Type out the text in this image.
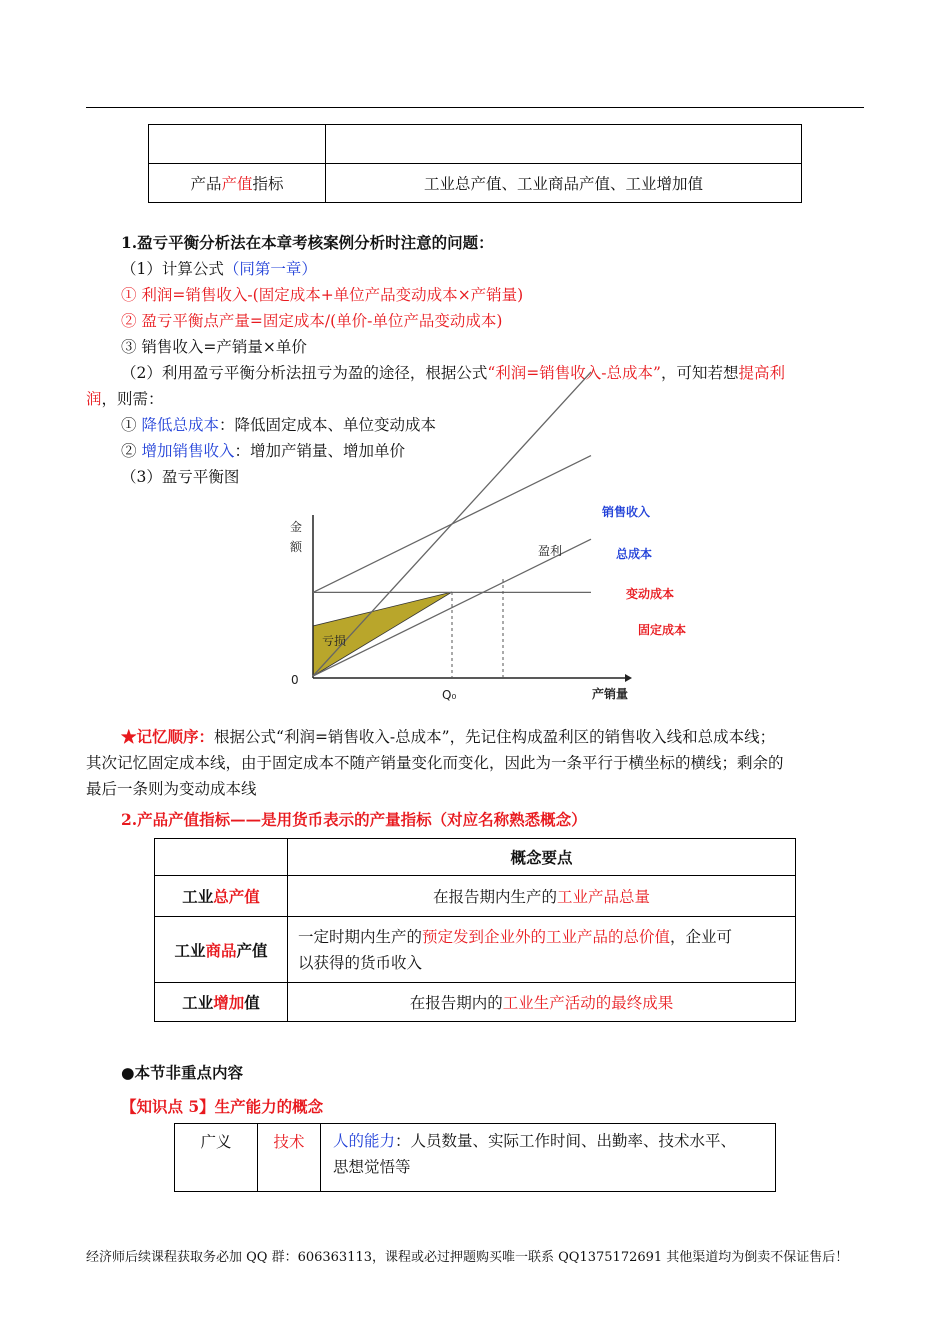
产品产值指标	工业总产值、工业商品产值、工业增加值
1.盈亏平衡分析法在本章考核案例分析时注意的问题：
（1）计算公式（同第一章）
① 利润=销售收入-(固定成本+单位产品变动成本×产销量)
② 盈亏平衡点产量=固定成本/(单价-单位产品变动成本)
③ 销售收入=产销量×单价
（2）利用盈亏平衡分析法扭亏为盈的途径，根据公式“利润=销售收入-总成本”，可知若想提高利
润，则需：
① 降低总成本：降低固定成本、单位变动成本
② 增加销售收入：增加产销量、增加单价
（3）盈亏平衡图
金
额
0
Q₀	产销量
盈利
亏损
销售收入
总成本
变动成本
固定成本
★记忆顺序：根据公式“利润=销售收入-总成本”，先记住构成盈利区的销售收入线和总成本线；
其次记忆固定成本线，由于固定成本不随产销量变化而变化，因此为一条平行于横坐标的横线；剩余的
最后一条则为变动成本线
2.产品产值指标——是用货币表示的产量指标（对应名称熟悉概念）
	概念要点
工业总产值	在报告期内生产的工业产品总量
工业商品产值	一定时期内生产的预定发到企业外的工业产品的总价值，企业可
以获得的货币收入
工业增加值	在报告期内的工业生产活动的最终成果
●本节非重点内容
【知识点 5】生产能力的概念
广义	技术	人的能力：人员数量、实际工作时间、出勤率、技术水平、
思想觉悟等
经济师后续课程获取务必加 QQ 群：606363113，课程或必过押题购买唯一联系 QQ1375172691 其他渠道均为倒卖不保证售后！
